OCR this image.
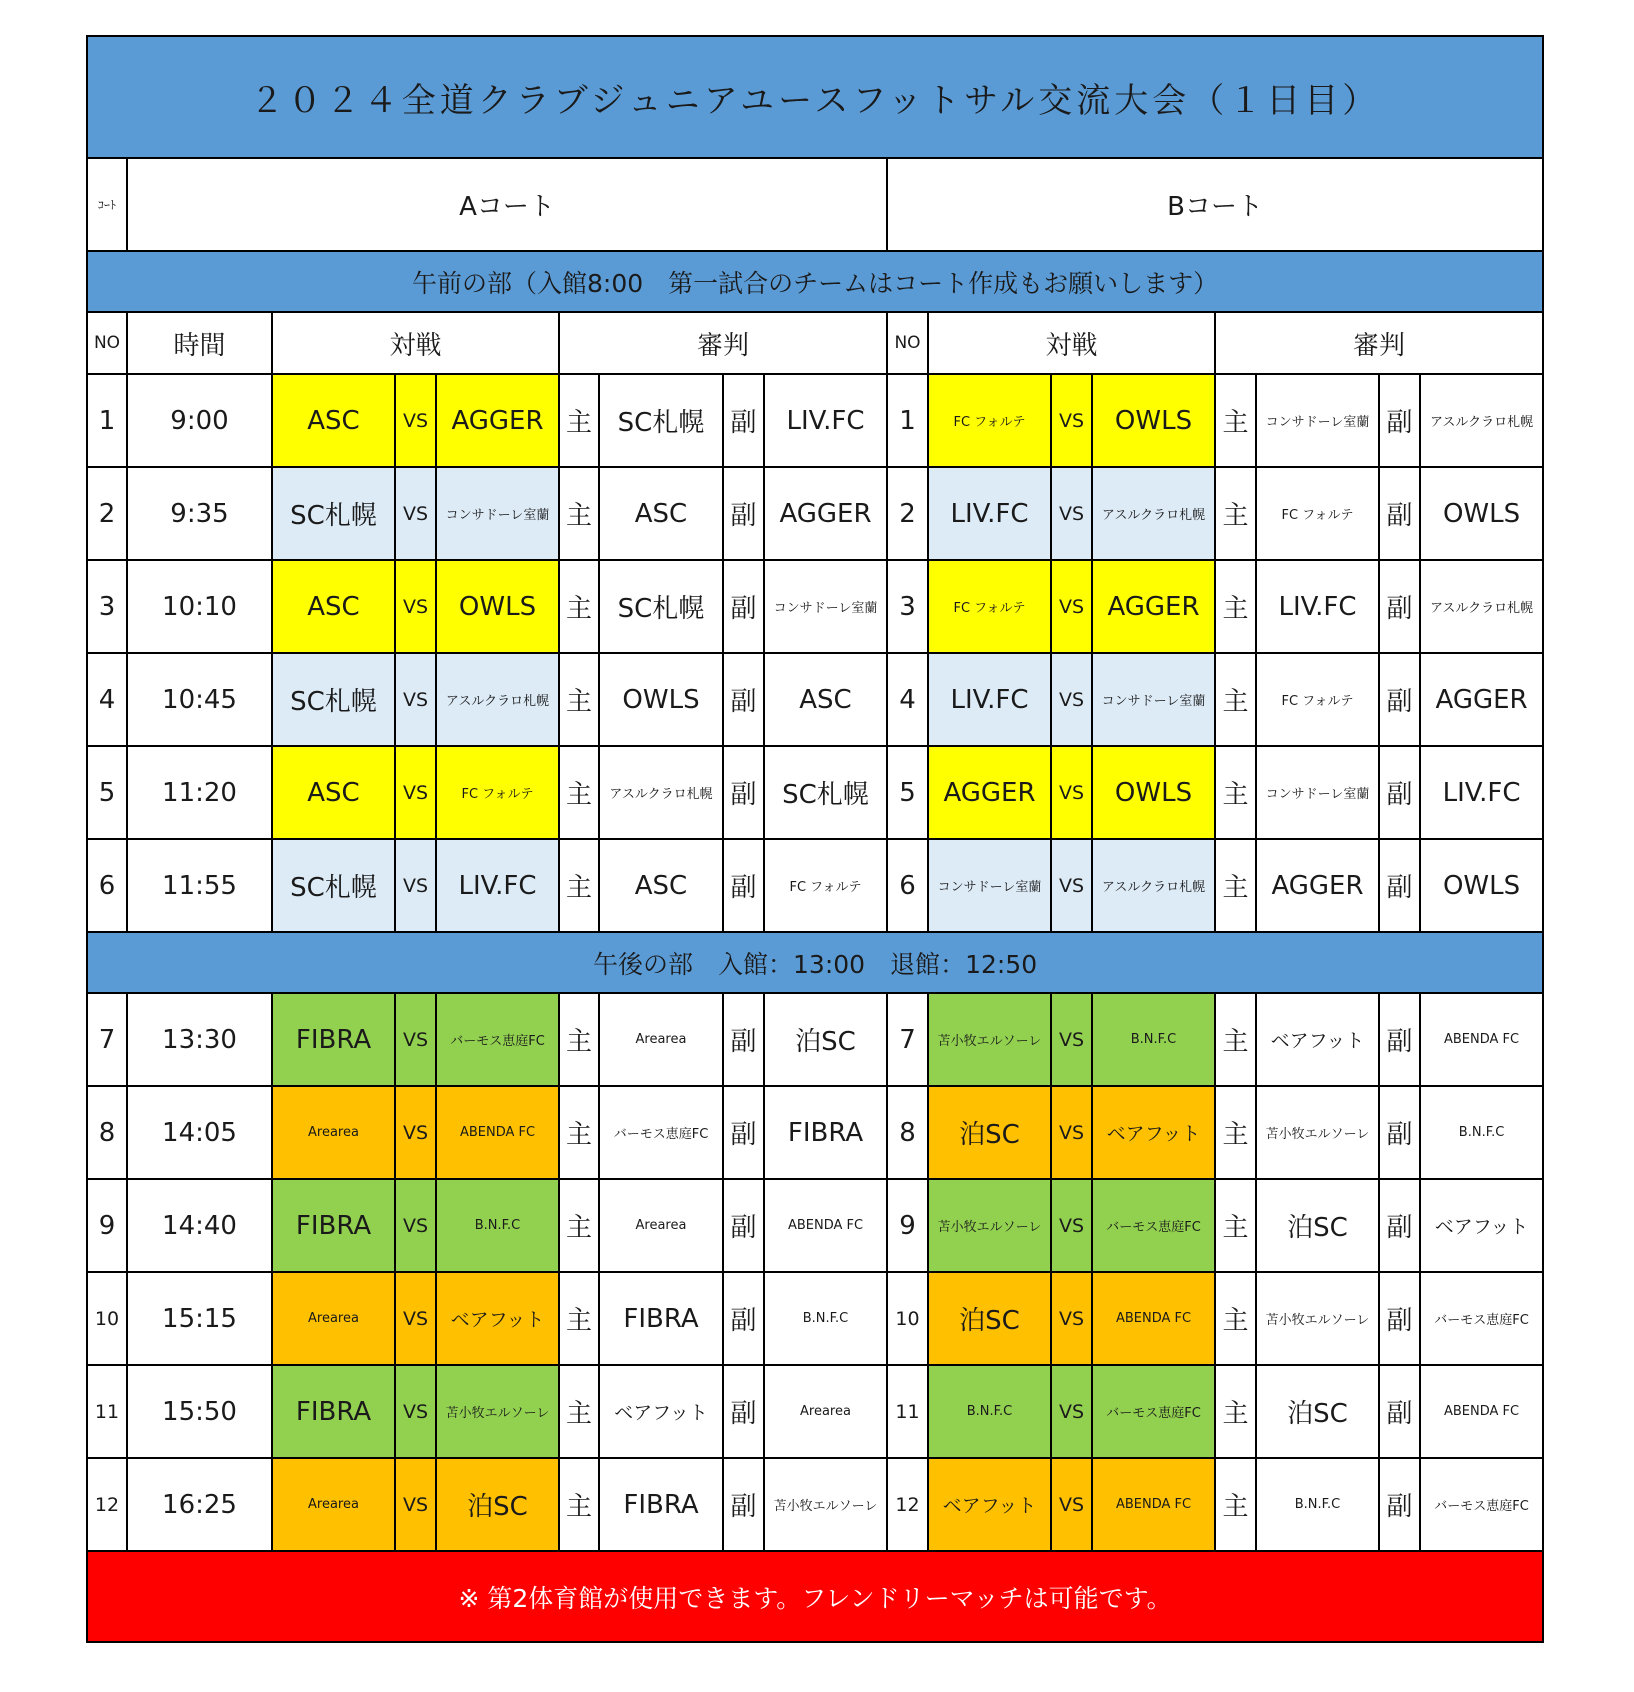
２０２４全道クラブジュニアユースフットサル交流大会（１日目）																
ｺｰﾄ	Aコート								Bコート							
午前の部（入館8:00　第一試合のチームはコート作成もお願いします）																
NO	時間	対戦			審判				NO	対戦			審判			
1	9:00	ASC	VS	AGGER	主	SC札幌	副	LIV.FC	1	FC フォルテ	VS	OWLS	主	コンサドーレ室蘭	副	アスルクラロ札幌
2	9:35	SC札幌	VS	コンサドーレ室蘭	主	ASC	副	AGGER	2	LIV.FC	VS	アスルクラロ札幌	主	FC フォルテ	副	OWLS
3	10:10	ASC	VS	OWLS	主	SC札幌	副	コンサドーレ室蘭	3	FC フォルテ	VS	AGGER	主	LIV.FC	副	アスルクラロ札幌
4	10:45	SC札幌	VS	アスルクラロ札幌	主	OWLS	副	ASC	4	LIV.FC	VS	コンサドーレ室蘭	主	FC フォルテ	副	AGGER
5	11:20	ASC	VS	FC フォルテ	主	アスルクラロ札幌	副	SC札幌	5	AGGER	VS	OWLS	主	コンサドーレ室蘭	副	LIV.FC
6	11:55	SC札幌	VS	LIV.FC	主	ASC	副	FC フォルテ	6	コンサドーレ室蘭	VS	アスルクラロ札幌	主	AGGER	副	OWLS
午後の部　入館：13:00　退館：12:50																
7	13:30	FIBRA	VS	バーモス恵庭FC	主	Arearea	副	泊SC	7	苫小牧エルソーレ	VS	B.N.F.C	主	ベアフット	副	ABENDA FC
8	14:05	Arearea	VS	ABENDA FC	主	バーモス恵庭FC	副	FIBRA	8	泊SC	VS	ベアフット	主	苫小牧エルソーレ	副	B.N.F.C
9	14:40	FIBRA	VS	B.N.F.C	主	Arearea	副	ABENDA FC	9	苫小牧エルソーレ	VS	バーモス恵庭FC	主	泊SC	副	ベアフット
10	15:15	Arearea	VS	ベアフット	主	FIBRA	副	B.N.F.C	10	泊SC	VS	ABENDA FC	主	苫小牧エルソーレ	副	バーモス恵庭FC
11	15:50	FIBRA	VS	苫小牧エルソーレ	主	ベアフット	副	Arearea	11	B.N.F.C	VS	バーモス恵庭FC	主	泊SC	副	ABENDA FC
12	16:25	Arearea	VS	泊SC	主	FIBRA	副	苫小牧エルソーレ	12	ベアフット	VS	ABENDA FC	主	B.N.F.C	副	バーモス恵庭FC
※ 第2体育館が使用できます。フレンドリーマッチは可能です。																
